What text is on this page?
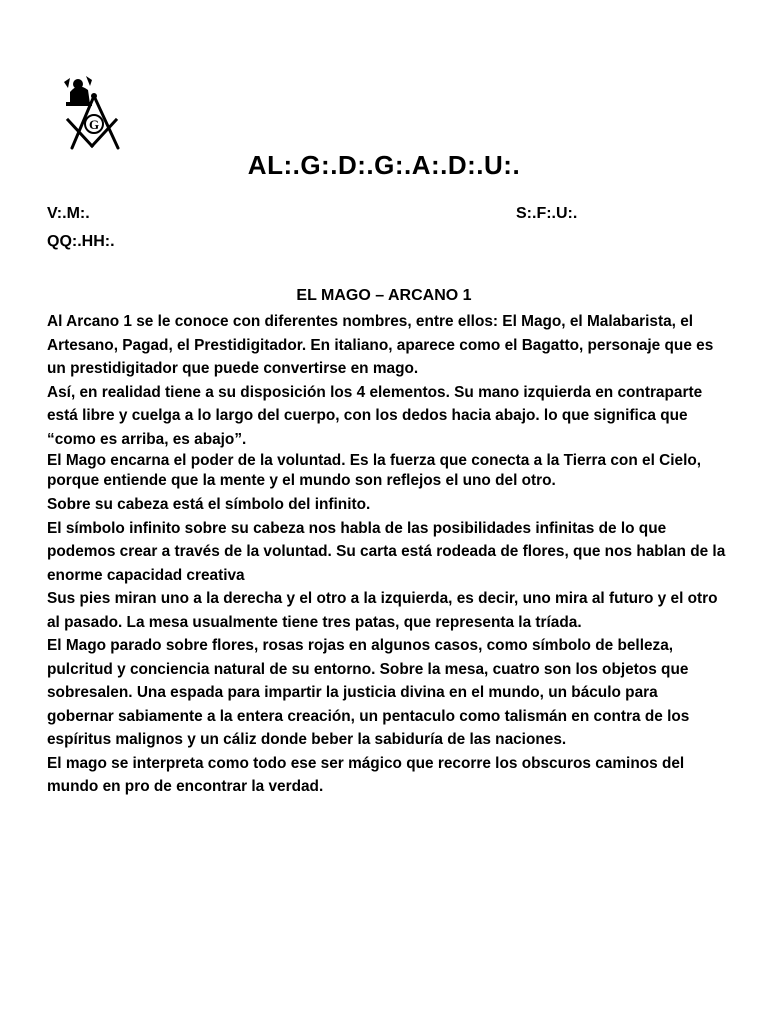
G
AL:.G:.D:.G:.A:.D:.U:.
V:.M:.	S:.F:.U:.
QQ:.HH:.
EL MAGO – ARCANO 1

Al Arcano 1 se le conoce con diferentes nombres, entre ellos: El Mago, el Malabarista, el Artesano, Pagad, el Prestidigitador. En italiano, aparece como el Bagatto, personaje que es un prestidigitador que puede convertirse en mago.

Así, en realidad tiene a su disposición los 4 elementos. Su mano izquierda en contraparte está libre y cuelga a lo largo del cuerpo, con los dedos hacia abajo. lo que significa que “como es arriba, es abajo”.

El Mago encarna el poder de la voluntad. Es la fuerza que conecta a la Tierra con el Cielo, porque entiende que la mente y el mundo son reflejos el uno del otro.

Sobre su cabeza está el símbolo del infinito.

El símbolo infinito sobre su cabeza nos habla de las posibilidades infinitas de lo que podemos crear a través de la voluntad. Su carta está rodeada de flores, que nos hablan de la enorme capacidad creativa

Sus pies miran uno a la derecha y el otro a la izquierda, es decir, uno mira al futuro y el otro al pasado. La mesa usualmente tiene tres patas, que representa la tríada.

El Mago parado sobre flores, rosas rojas en algunos casos, como símbolo de belleza, pulcritud y conciencia natural de su entorno. Sobre la mesa, cuatro son los objetos que sobresalen. Una espada para impartir la justicia divina en el mundo, un báculo para gobernar sabiamente a la entera creación, un pentaculo como talismán en contra de los espíritus malignos y un cáliz donde beber la sabiduría de las naciones.

El mago se interpreta como todo ese ser mágico que recorre los obscuros caminos del mundo en pro de encontrar la verdad.
